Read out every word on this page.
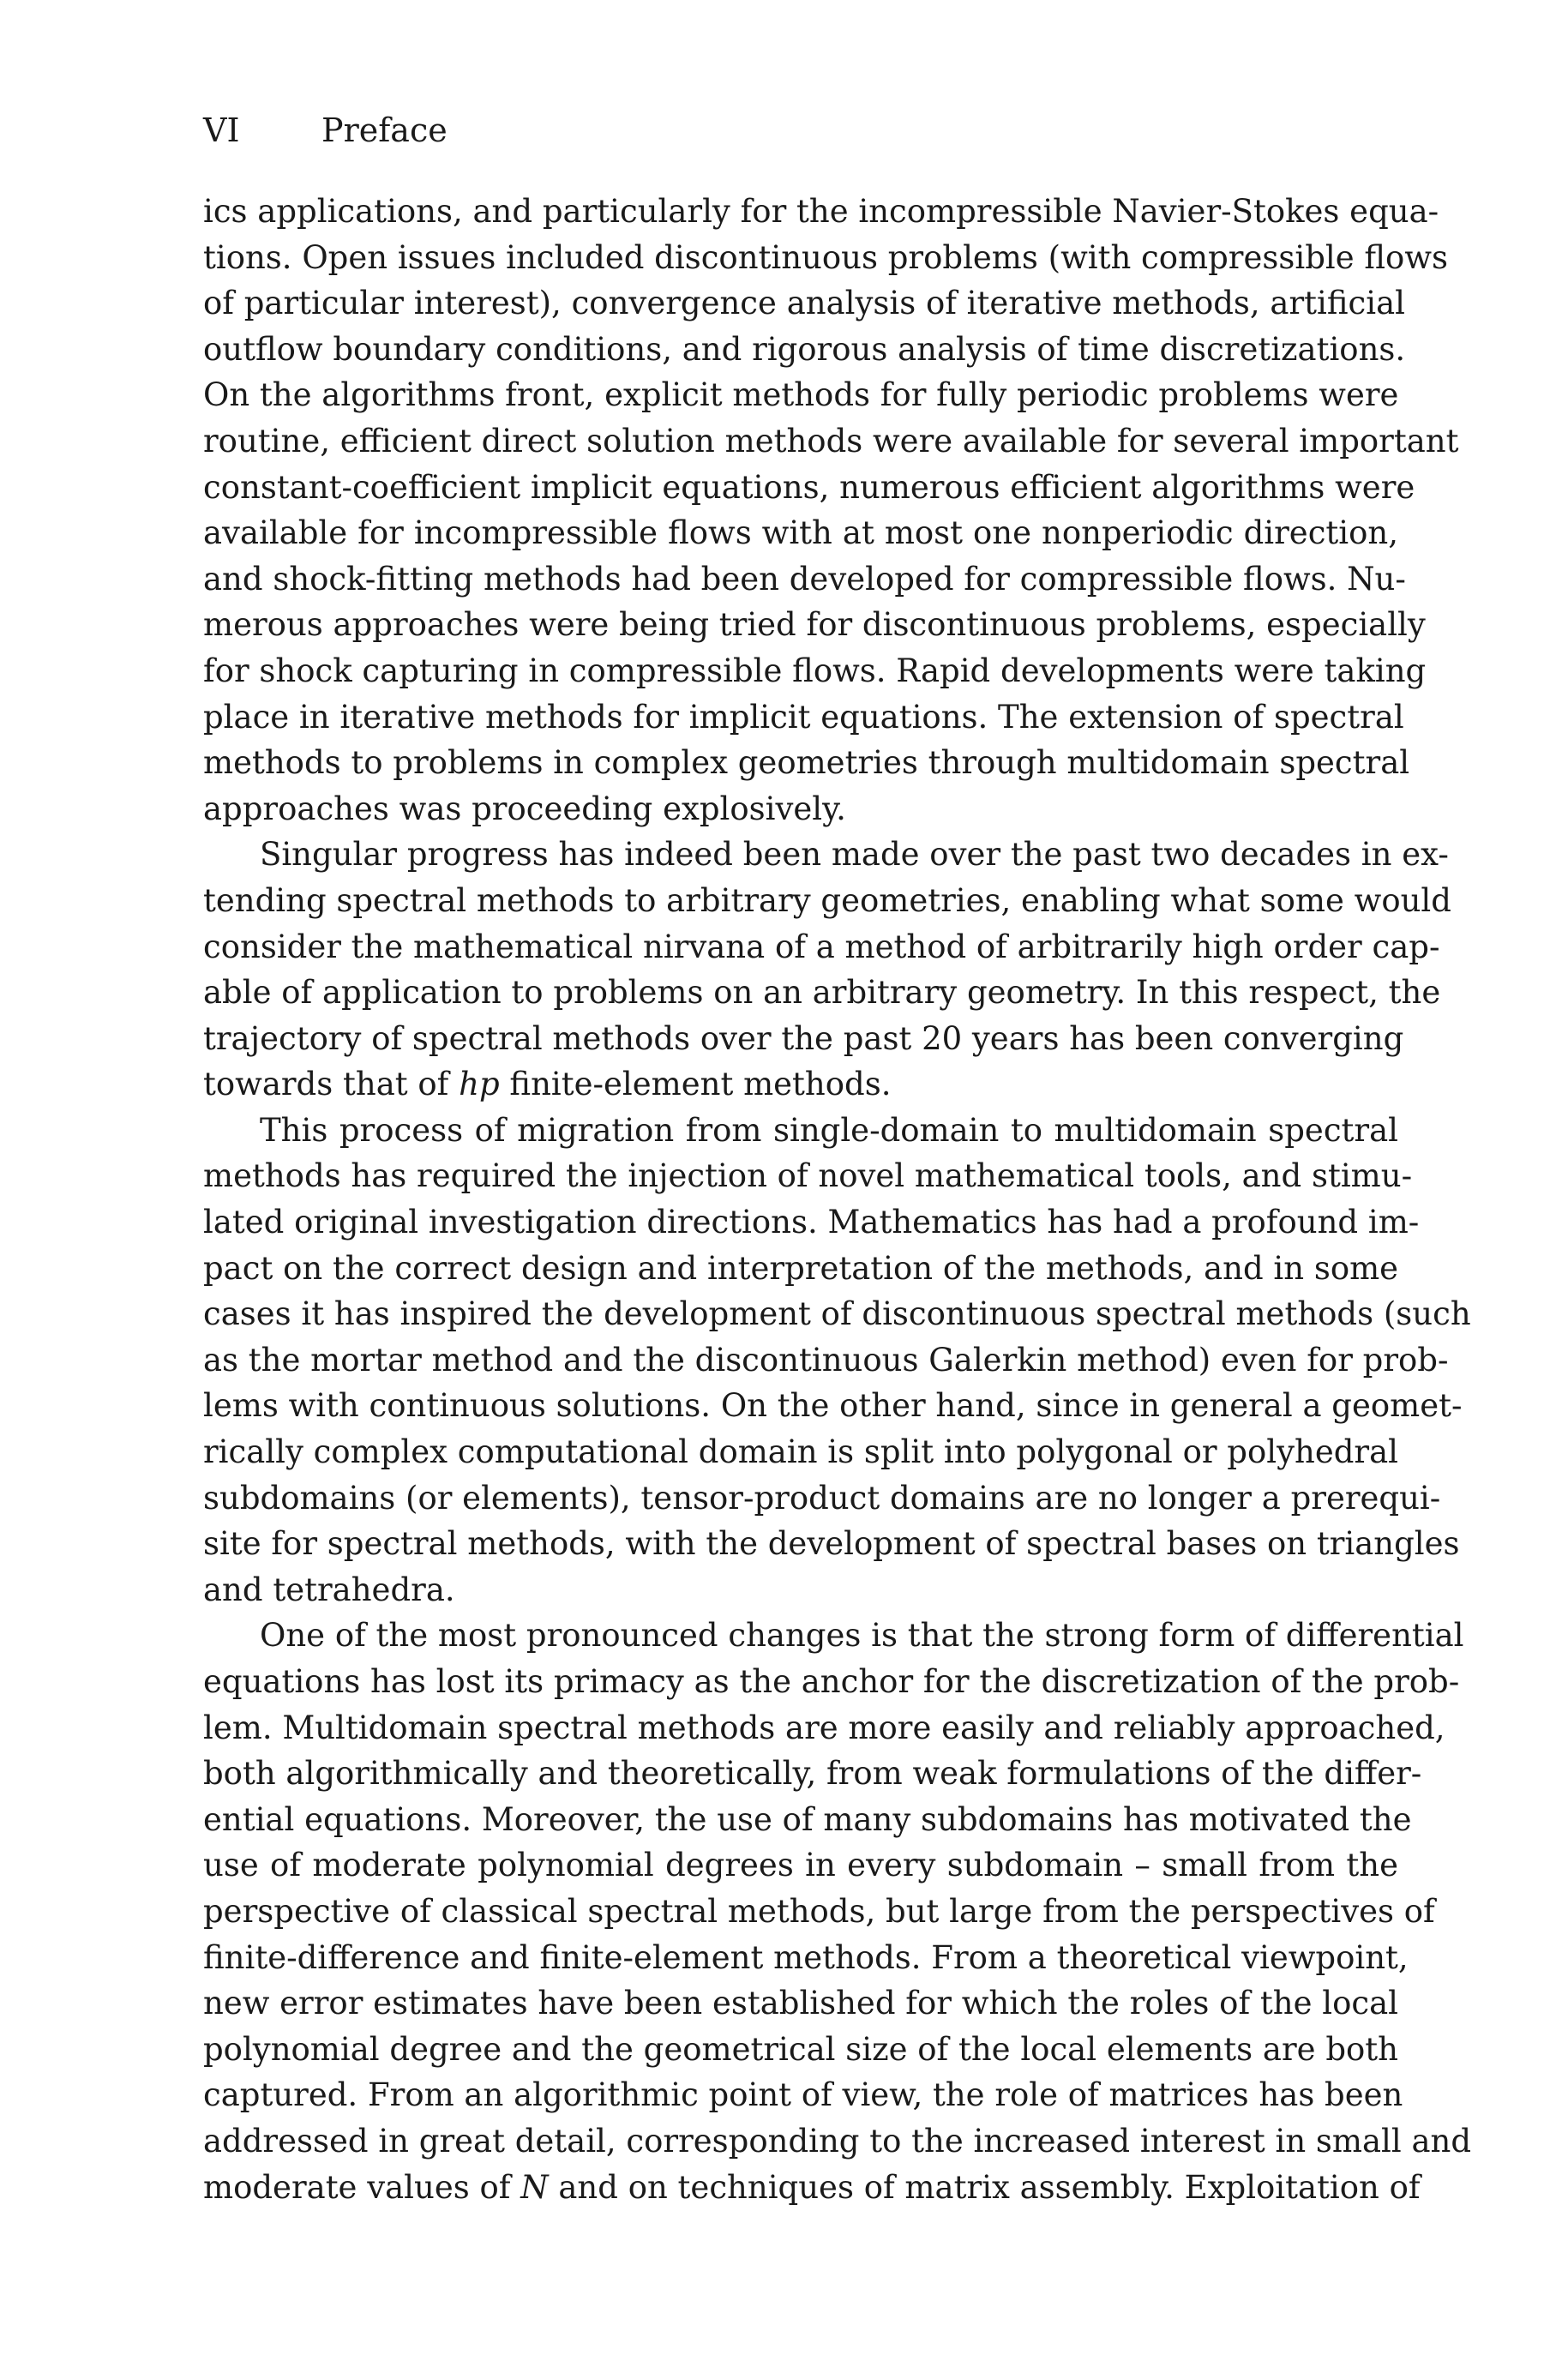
VI	Preface
ics applications, and particularly for the incompressible Navier-Stokes equa-
tions. Open issues included discontinuous problems (with compressible flows
of particular interest), convergence analysis of iterative methods, artificial
outflow boundary conditions, and rigorous analysis of time discretizations.
On the algorithms front, explicit methods for fully periodic problems were
routine, efficient direct solution methods were available for several important
constant-coefficient implicit equations, numerous efficient algorithms were
available for incompressible flows with at most one nonperiodic direction,
and shock-fitting methods had been developed for compressible flows. Nu-
merous approaches were being tried for discontinuous problems, especially
for shock capturing in compressible flows. Rapid developments were taking
place in iterative methods for implicit equations. The extension of spectral
methods to problems in complex geometries through multidomain spectral
approaches was proceeding explosively.
Singular progress has indeed been made over the past two decades in ex-
tending spectral methods to arbitrary geometries, enabling what some would
consider the mathematical nirvana of a method of arbitrarily high order cap-
able of application to problems on an arbitrary geometry. In this respect, the
trajectory of spectral methods over the past 20 years has been converging
towards that of hp finite-element methods.
This process of migration from single-domain to multidomain spectral
methods has required the injection of novel mathematical tools, and stimu-
lated original investigation directions. Mathematics has had a profound im-
pact on the correct design and interpretation of the methods, and in some
cases it has inspired the development of discontinuous spectral methods (such
as the mortar method and the discontinuous Galerkin method) even for prob-
lems with continuous solutions. On the other hand, since in general a geomet-
rically complex computational domain is split into polygonal or polyhedral
subdomains (or elements), tensor-product domains are no longer a prerequi-
site for spectral methods, with the development of spectral bases on triangles
and tetrahedra.
One of the most pronounced changes is that the strong form of differential
equations has lost its primacy as the anchor for the discretization of the prob-
lem. Multidomain spectral methods are more easily and reliably approached,
both algorithmically and theoretically, from weak formulations of the differ-
ential equations. Moreover, the use of many subdomains has motivated the
use of moderate polynomial degrees in every subdomain – small from the
perspective of classical spectral methods, but large from the perspectives of
finite-difference and finite-element methods. From a theoretical viewpoint,
new error estimates have been established for which the roles of the local
polynomial degree and the geometrical size of the local elements are both
captured. From an algorithmic point of view, the role of matrices has been
addressed in great detail, corresponding to the increased interest in small and
moderate values of N and on techniques of matrix assembly. Exploitation of
